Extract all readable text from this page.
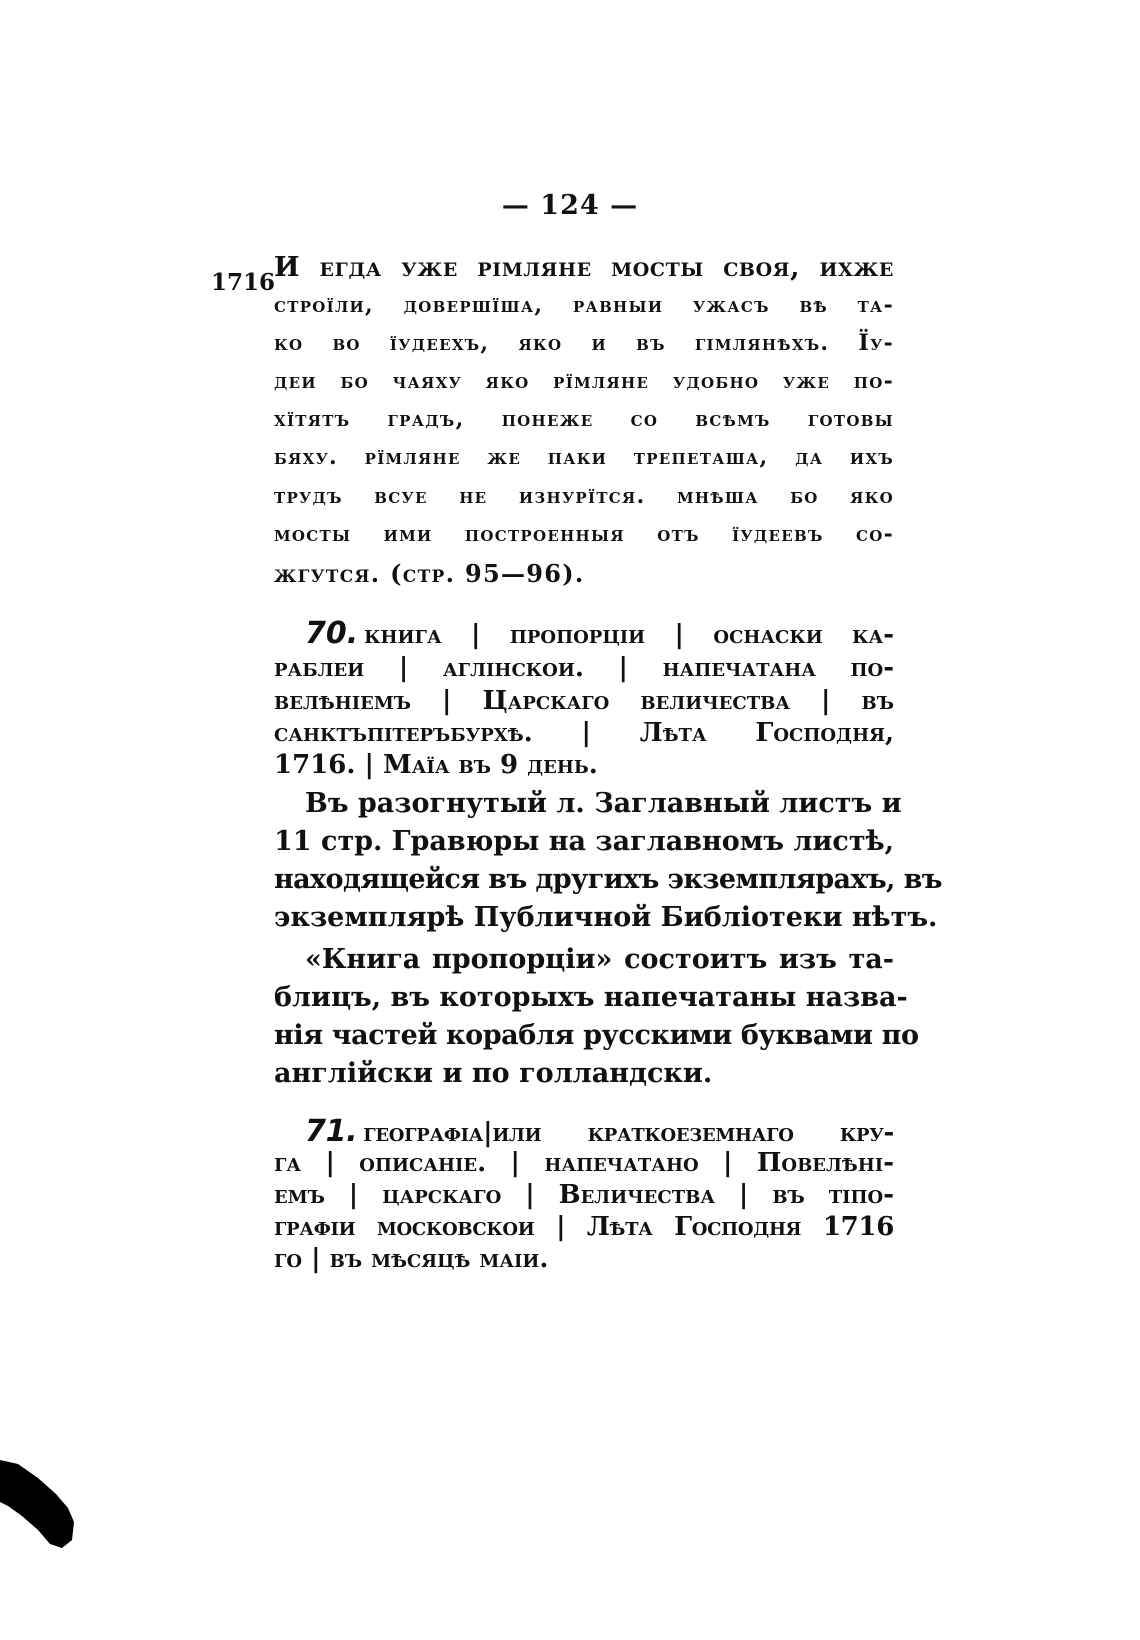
— 124 —
1716
И егда уже рімляне мосты своя, ихже
строїли, довершїша, равныи ужасъ вѣ та-
ко во їудеехъ, яко и въ гімлянѣхъ. Їу-
деи бо чаяху яко рїмляне удобно уже по-
хїтятъ градъ, понеже со всѣмъ готовы
бяху. рїмляне же паки трепеташа, да ихъ
трудъ всуе не изнурїтся. мнѣша бо яко
мосты ими построенныя отъ їудеевъ со-
жгутся. (стр. 95—96).
70. книга | пропорціи | оснаски ка-
раблеи | аглінскои. | напечатана по-
велѣніемъ | Царскаго величества | въ
санктъпітеръбурхѣ. | Лѣта Господня,
1716. | Маїа въ 9 день.
Въ разогнутый л. Заглавный листъ и
11 стр. Гравюры на заглавномъ листѣ,
находящейся въ другихъ экземплярахъ, въ
экземплярѣ Публичной Библіотеки нѣтъ.
«Книга пропорціи» состоитъ изъ та-
блицъ, въ которыхъ напечатаны назва-
нія частей корабля русскими буквами по
англійски и по голландски.
71. географіа|или краткоеземнаго кру-
га | описаніе. | напечатано | Повелѣні-
емъ | царскаго | Величества | въ тіпо-
графіи московскои | Лѣта Господня 1716
го | въ мѣсяцѣ маіи.
